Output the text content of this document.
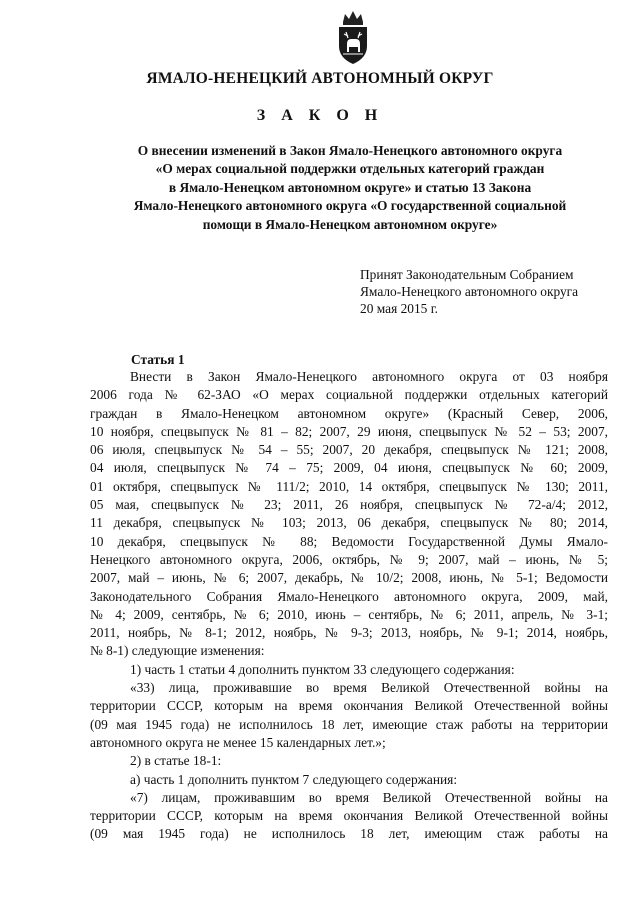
ЯМАЛО-НЕНЕЦКИЙ АВТОНОМНЫЙ ОКРУГ
З А К О Н
О внесении изменений в Закон Ямало-Ненецкого автономного округа
«О мерах социальной поддержки отдельных категорий граждан
в Ямало-Ненецком автономном округе» и статью 13 Закона
Ямало-Ненецкого автономного округа «О государственной социальной
помощи в Ямало-Ненецком автономном округе»
Принят Законодательным Собранием
Ямало-Ненецкого автономного округа
20 мая 2015 г.
Статья 1
Внести в Закон Ямало-Ненецкого автономного округа от 03 ноября
2006 года № 62-ЗАО «О мерах социальной поддержки отдельных категорий
граждан в Ямало-Ненецком автономном округе» (Красный Север, 2006,
10 ноября, спецвыпуск № 81 – 82; 2007, 29 июня, спецвыпуск № 52 – 53; 2007,
06 июля, спецвыпуск № 54 – 55; 2007, 20 декабря, спецвыпуск № 121; 2008,
04 июля, спецвыпуск № 74 – 75; 2009, 04 июня, спецвыпуск № 60; 2009,
01 октября, спецвыпуск № 111/2; 2010, 14 октября, спецвыпуск № 130; 2011,
05 мая, спецвыпуск № 23; 2011, 26 ноября, спецвыпуск № 72-а/4; 2012,
11 декабря, спецвыпуск № 103; 2013, 06 декабря, спецвыпуск № 80; 2014,
10 декабря, спецвыпуск № 88; Ведомости Государственной Думы Ямало-
Ненецкого автономного округа, 2006, октябрь, № 9; 2007, май – июнь, № 5;
2007, май – июнь, № 6; 2007, декабрь, № 10/2; 2008, июнь, № 5-1; Ведомости
Законодательного Собрания Ямало-Ненецкого автономного округа, 2009, май,
№ 4; 2009, сентябрь, № 6; 2010, июнь – сентябрь, № 6; 2011, апрель, № 3-1;
2011, ноябрь, № 8-1; 2012, ноябрь, № 9-3; 2013, ноябрь, № 9-1; 2014, ноябрь,
№ 8-1) следующие изменения:
1) часть 1 статьи 4 дополнить пунктом 33 следующего содержания:
«33) лица, проживавшие во время Великой Отечественной войны на
территории СССР, которым на время окончания Великой Отечественной войны
(09 мая 1945 года) не исполнилось 18 лет, имеющие стаж работы на территории
автономного округа не менее 15 календарных лет.»;
2) в статье 18-1:
а) часть 1 дополнить пунктом 7 следующего содержания:
«7) лицам, проживавшим во время Великой Отечественной войны на
территории СССР, которым на время окончания Великой Отечественной войны
(09 мая 1945 года) не исполнилось 18 лет, имеющим стаж работы на
